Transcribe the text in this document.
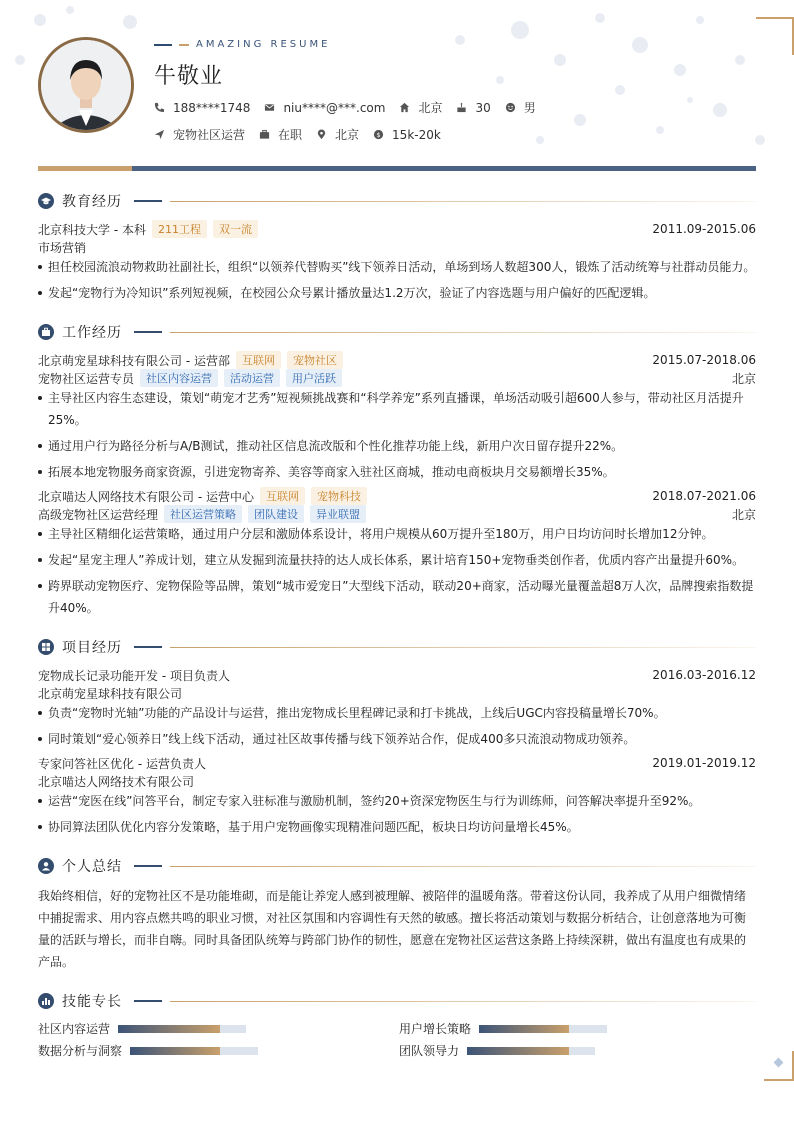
AMAZING RESUME
牛敬业
188****1748	niu****@***.com	北京	30	男
宠物社区运营	在职	北京 $ 15k-20k
教育经历
北京科技大学 - 本科	211工程	双一流	2011.09-2015.06
市场营销
担任校园流浪动物救助社副社长，组织“以领养代替购买”线下领养日活动，单场到场人数超300人，锻炼了活动统筹与社群动员能力。
发起“宠物行为冷知识”系列短视频，在校园公众号累计播放量达1.2万次，验证了内容选题与用户偏好的匹配逻辑。
工作经历
北京萌宠星球科技有限公司 - 运营部	互联网	宠物社区	2015.07-2018.06
宠物社区运营专员	社区内容运营	活动运营	用户活跃	北京
主导社区内容生态建设，策划“萌宠才艺秀”短视频挑战赛和“科学养宠”系列直播课，单场活动吸引超600人参与，带动社区月活提升25%。
通过用户行为路径分析与A/B测试，推动社区信息流改版和个性化推荐功能上线，新用户次日留存提升22%。
拓展本地宠物服务商家资源，引进宠物寄养、美容等商家入驻社区商城，推动电商板块月交易额增长35%。
北京喵达人网络技术有限公司 - 运营中心	互联网	宠物科技	2018.07-2021.06
高级宠物社区运营经理	社区运营策略	团队建设	异业联盟	北京
主导社区精细化运营策略，通过用户分层和激励体系设计，将用户规模从60万提升至180万，用户日均访问时长增加12分钟。
发起“星宠主理人”养成计划，建立从发掘到流量扶持的达人成长体系，累计培育150+宠物垂类创作者，优质内容产出量提升60%。
跨界联动宠物医疗、宠物保险等品牌，策划“城市爱宠日”大型线下活动，联动20+商家，活动曝光量覆盖超8万人次，品牌搜索指数提升40%。
项目经历
宠物成长记录功能开发 - 项目负责人	2016.03-2016.12
北京萌宠星球科技有限公司
负责“宠物时光轴”功能的产品设计与运营，推出宠物成长里程碑记录和打卡挑战，上线后UGC内容投稿量增长70%。
同时策划“爱心领养日”线上线下活动，通过社区故事传播与线下领养站合作，促成400多只流浪动物成功领养。
专家问答社区优化 - 运营负责人	2019.01-2019.12
北京喵达人网络技术有限公司
运营“宠医在线”问答平台，制定专家入驻标准与激励机制，签约20+资深宠物医生与行为训练师，问答解决率提升至92%。
协同算法团队优化内容分发策略，基于用户宠物画像实现精准问题匹配，板块日均访问量增长45%。
个人总结
我始终相信，好的宠物社区不是功能堆砌，而是能让养宠人感到被理解、被陪伴的温暖角落。带着这份认同，我养成了从用户细微情绪中捕捉需求、用内容点燃共鸣的职业习惯，对社区氛围和内容调性有天然的敏感。擅长将活动策划与数据分析结合，让创意落地为可衡量的活跃与增长，而非自嗨。同时具备团队统筹与跨部门协作的韧性，愿意在宠物社区运营这条路上持续深耕，做出有温度也有成果的产品。
技能专长
社区内容运营	用户增长策略
数据分析与洞察	团队领导力
